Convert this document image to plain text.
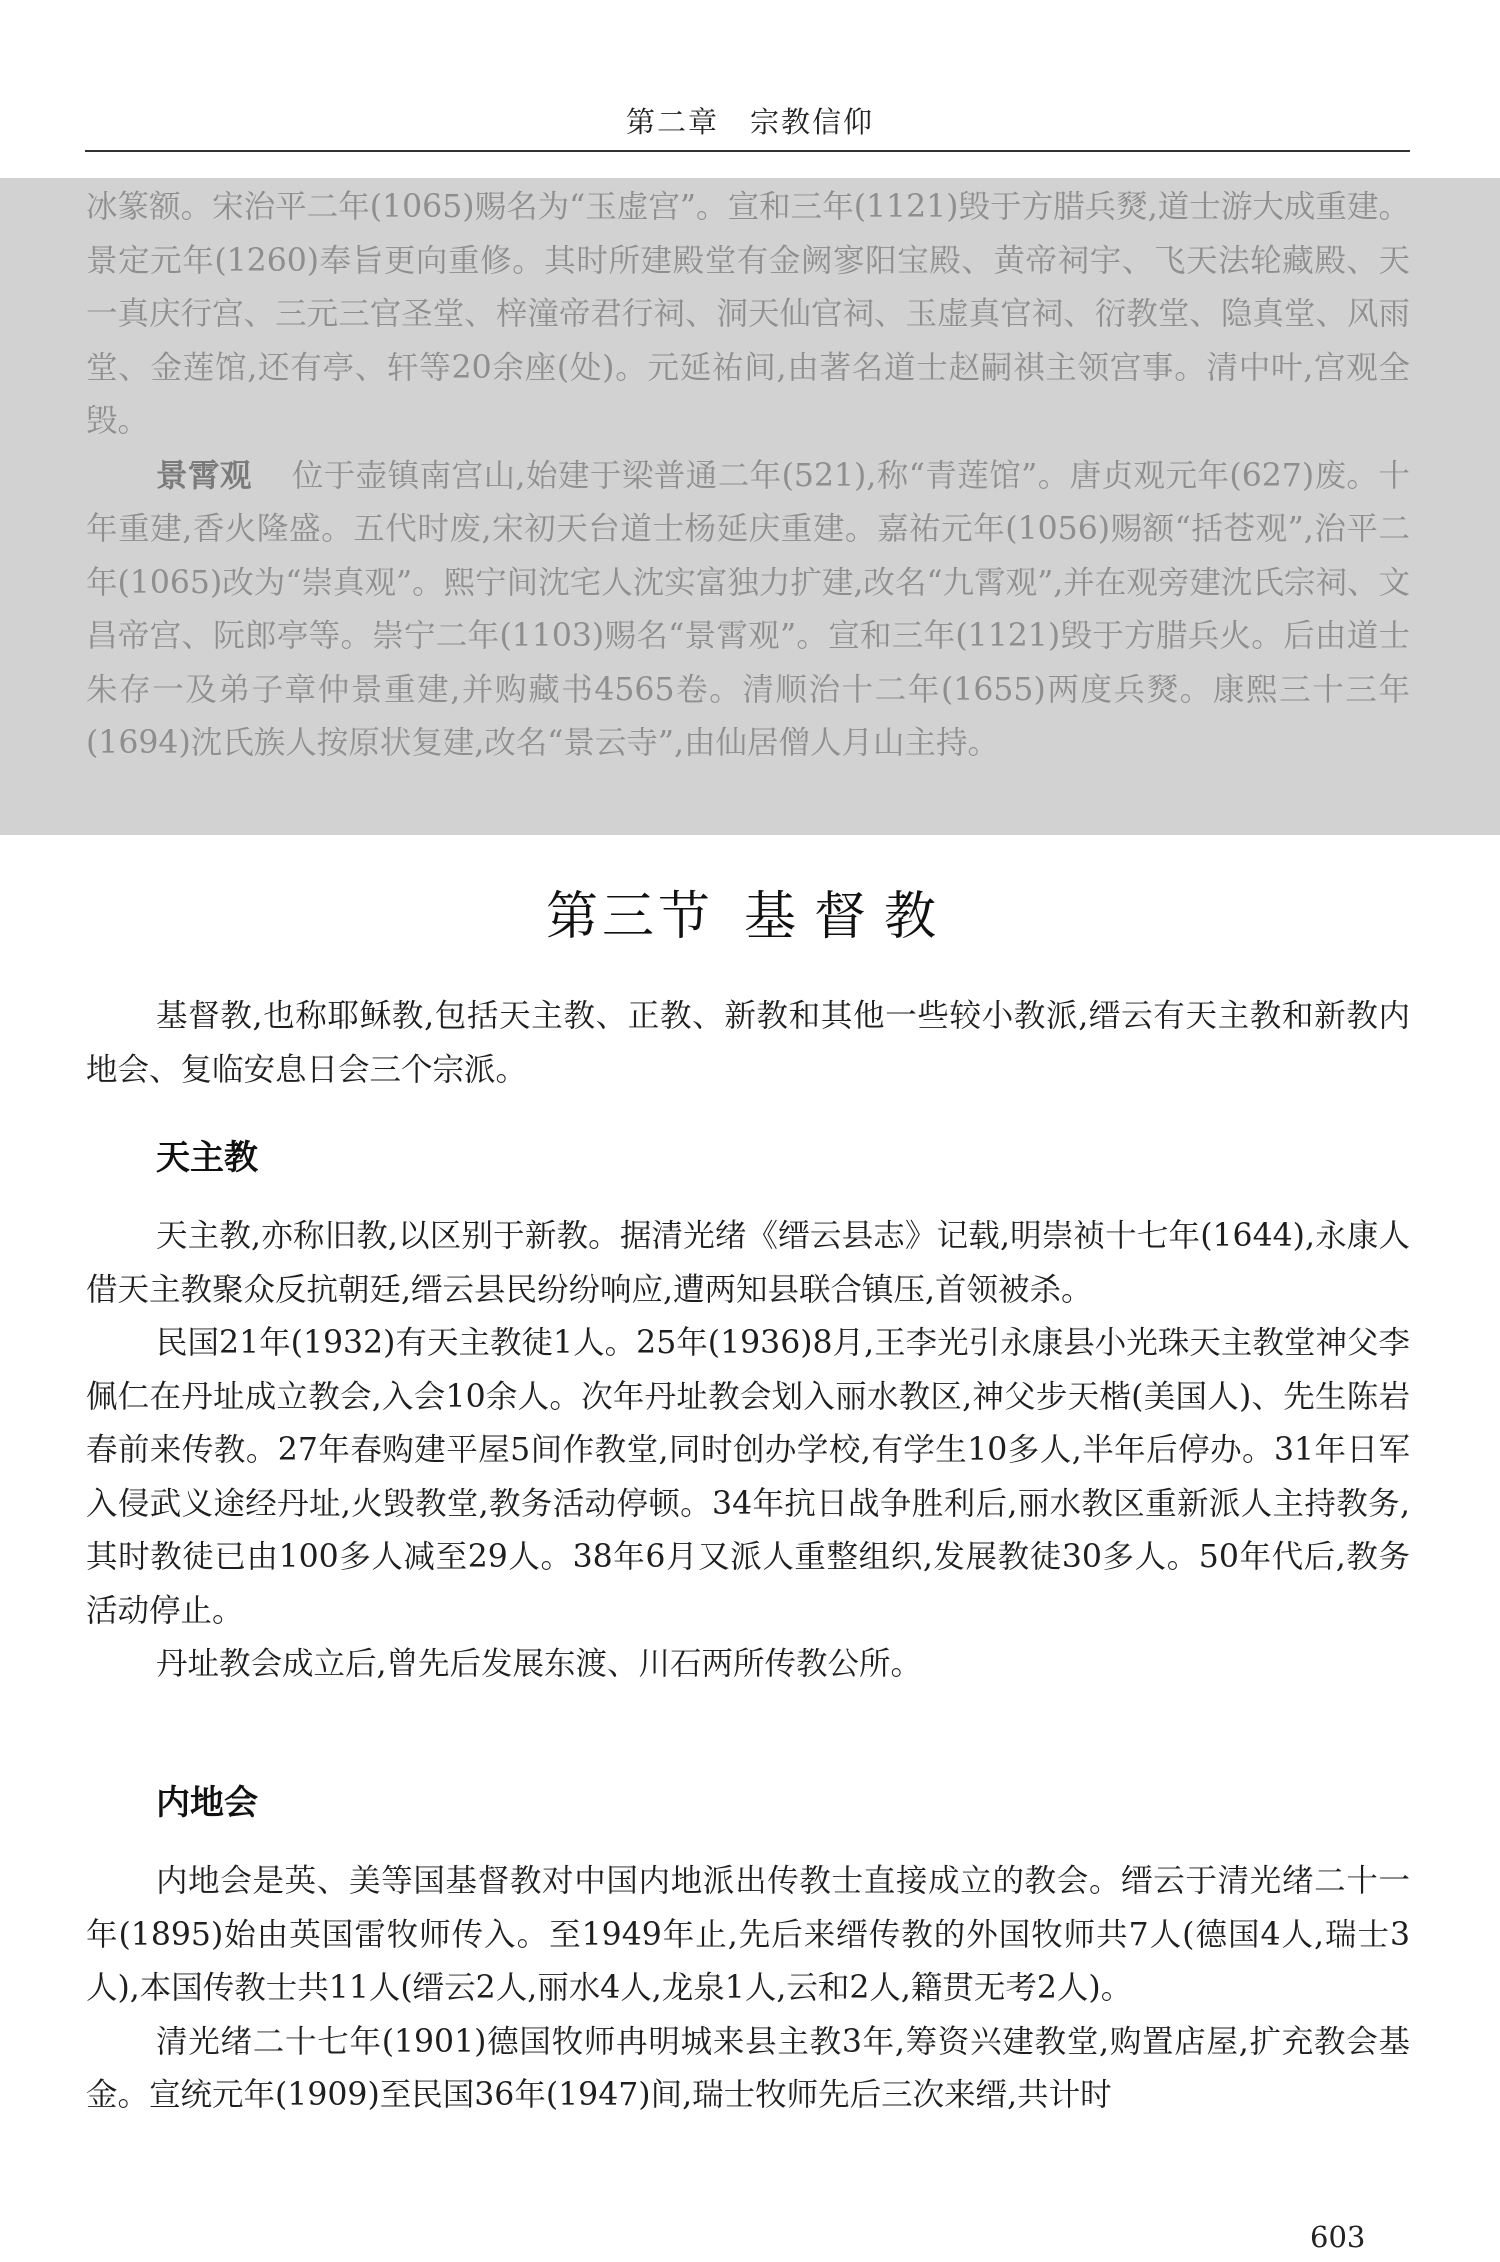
第二章　宗教信仰

冰篆额。宋治平二年(1065)赐名为“玉虚宫”。宣和三年(1121)毁于方腊兵燹,道士游大成重建。景定元年(1260)奉旨更向重修。其时所建殿堂有金阙寥阳宝殿、黄帝祠宇、飞天法轮藏殿、天一真庆行宫、三元三官圣堂、梓潼帝君行祠、洞天仙官祠、玉虚真官祠、衍教堂、隐真堂、风雨堂、金莲馆,还有亭、轩等20余座(处)。元延祐间,由著名道士赵嗣祺主领宫事。清中叶,宫观全毁。

景霄观 位于壶镇南宫山,始建于梁普通二年(521),称“青莲馆”。唐贞观元年(627)废。十年重建,香火隆盛。五代时废,宋初天台道士杨延庆重建。嘉祐元年(1056)赐额“括苍观”,治平二年(1065)改为“崇真观”。熙宁间沈宅人沈实富独力扩建,改名“九霄观”,并在观旁建沈氏宗祠、文昌帝宫、阮郎亭等。崇宁二年(1103)赐名“景霄观”。宣和三年(1121)毁于方腊兵火。后由道士朱存一及弟子章仲景重建,并购藏书4565卷。清顺治十二年(1655)两度兵燹。康熙三十三年(1694)沈氏族人按原状复建,改名“景云寺”,由仙居僧人月山主持。

第三节 基督教
基督教,也称耶稣教,包括天主教、正教、新教和其他一些较小教派,缙云有天主教和新教内地会、复临安息日会三个宗派。
天主教

天主教,亦称旧教,以区别于新教。据清光绪《缙云县志》记载,明崇祯十七年(1644),永康人借天主教聚众反抗朝廷,缙云县民纷纷响应,遭两知县联合镇压,首领被杀。

民国21年(1932)有天主教徒1人。25年(1936)8月,王李光引永康县小光珠天主教堂神父李佩仁在丹址成立教会,入会10余人。次年丹址教会划入丽水教区,神父步天楷(美国人)、先生陈岩春前来传教。27年春购建平屋5间作教堂,同时创办学校,有学生10多人,半年后停办。31年日军入侵武义途经丹址,火毁教堂,教务活动停顿。34年抗日战争胜利后,丽水教区重新派人主持教务,其时教徒已由100多人减至29人。38年6月又派人重整组织,发展教徒30多人。50年代后,教务活动停止。

丹址教会成立后,曾先后发展东渡、川石两所传教公所。

内地会

内地会是英、美等国基督教对中国内地派出传教士直接成立的教会。缙云于清光绪二十一年(1895)始由英国雷牧师传入。至1949年止,先后来缙传教的外国牧师共7人(德国4人,瑞士3人),本国传教士共11人(缙云2人,丽水4人,龙泉1人,云和2人,籍贯无考2人)。

清光绪二十七年(1901)德国牧师冉明城来县主教3年,筹资兴建教堂,购置店屋,扩充教会基金。宣统元年(1909)至民国36年(1947)间,瑞士牧师先后三次来缙,共计时

603
